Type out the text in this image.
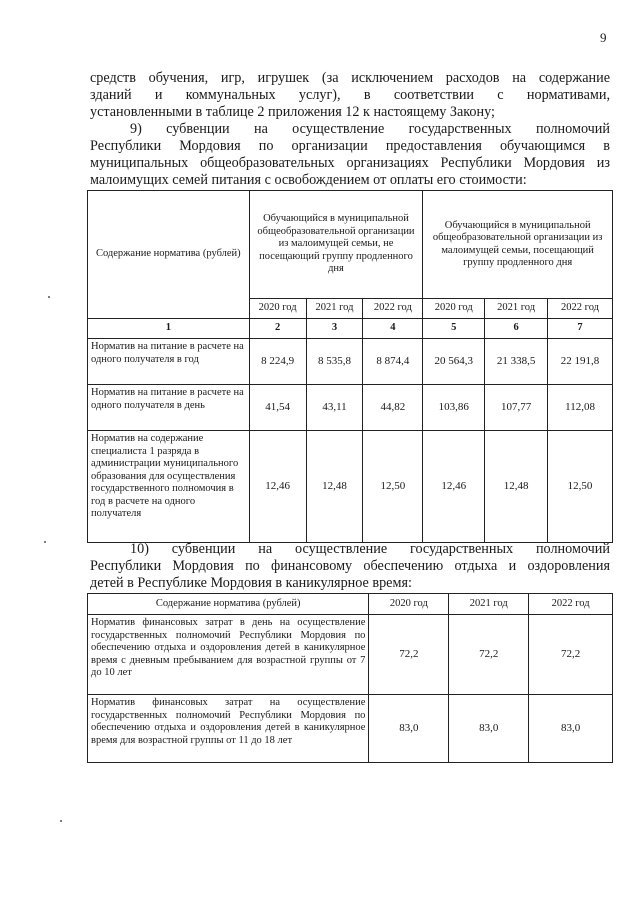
9
средств обучения, игр, игрушек (за исключением расходов на содержание
зданий и коммунальных услуг), в соответствии с нормативами,
установленными в таблице 2 приложения 12 к настоящему Закону;
9) субвенции на осуществление государственных полномочий
Республики Мордовия по организации предоставления обучающимся в
муниципальных общеобразовательных организациях Республики Мордовия из
малоимущих семей питания с освобождением от оплаты его стоимости:
Содержание норматива (рублей)	Обучающийся в муниципальной общеобразовательной организации из малоимущей семьи, не посещающий группу продленного дня			Обучающийся в муниципальной общеобразовательной организации из малоимущей семьи, посещающий группу продленного дня		
	2020 год	2021 год	2022 год	2020 год	2021 год	2022 год
1	2	3	4	5	6	7
Норматив на питание в расчете на одного получателя в год	8 224,9	8 535,8	8 874,4	20 564,3	21 338,5	22 191,8
Норматив на питание в расчете на одного получателя в день	41,54	43,11	44,82	103,86	107,77	112,08
Норматив на содержание специалиста 1 разряда в администрации муниципального образования для осуществления государственного полномочия в год в расчете на одного получателя	12,46	12,48	12,50	12,46	12,48	12,50
10) субвенции на осуществление государственных полномочий
Республики Мордовия по финансовому обеспечению отдыха и оздоровления
детей в Республике Мордовия в каникулярное время:
Содержание норматива (рублей)	2020 год	2021 год	2022 год
Норматив финансовых затрат в день на осуществление государственных полномочий Республики Мордовия по обеспечению отдыха и оздоровления детей в каникулярное время с дневным пребыванием для возрастной группы от 7 до 10 лет	72,2	72,2	72,2
Норматив финансовых затрат на осуществление государственных полномочий Республики Мордовия по обеспечению отдыха и оздоровления детей в каникулярное время для возрастной группы от 11 до 18 лет	83,0	83,0	83,0
